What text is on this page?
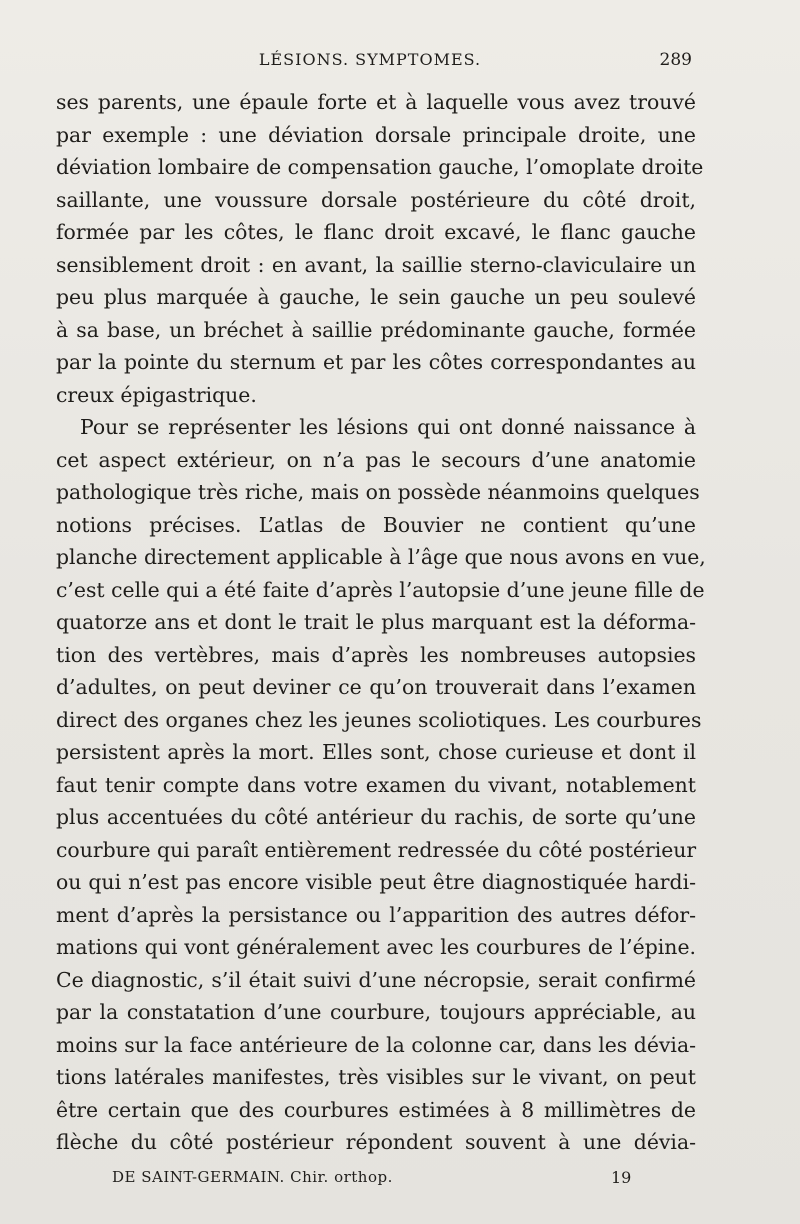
LÉSIONS. SYMPTOMES.	289
ses parents, une épaule forte et à laquelle vous avez trouvé
par exemple : une déviation dorsale principale droite, une
déviation lombaire de compensation gauche, l’omoplate droite
saillante, une voussure dorsale postérieure du côté droit,
formée par les côtes, le flanc droit excavé, le flanc gauche
sensiblement droit : en avant, la saillie sterno-claviculaire un
peu plus marquée à gauche, le sein gauche un peu soulevé
à sa base, un bréchet à saillie prédominante gauche, formée
par la pointe du sternum et par les côtes correspondantes au
creux épigastrique.
Pour se représenter les lésions qui ont donné naissance à
cet aspect extérieur, on n’a pas le secours d’une anatomie
pathologique très riche, mais on possède néanmoins quelques
notions précises. L’atlas de Bouvier ne contient qu’une
planche directement applicable à l’âge que nous avons en vue,
c’est celle qui a été faite d’après l’autopsie d’une jeune fille de
quatorze ans et dont le trait le plus marquant est la déforma-
tion des vertèbres, mais d’après les nombreuses autopsies
d’adultes, on peut deviner ce qu’on trouverait dans l’examen
direct des organes chez les jeunes scoliotiques. Les courbures
persistent après la mort. Elles sont, chose curieuse et dont il
faut tenir compte dans votre examen du vivant, notablement
plus accentuées du côté antérieur du rachis, de sorte qu’une
courbure qui paraît entièrement redressée du côté postérieur
ou qui n’est pas encore visible peut être diagnostiquée hardi-
ment d’après la persistance ou l’apparition des autres défor-
mations qui vont généralement avec les courbures de l’épine.
Ce diagnostic, s’il était suivi d’une nécropsie, serait confirmé
par la constatation d’une courbure, toujours appréciable, au
moins sur la face antérieure de la colonne car, dans les dévia-
tions latérales manifestes, très visibles sur le vivant, on peut
être certain que des courbures estimées à 8 millimètres de
flèche du côté postérieur répondent souvent à une dévia-
DE SAINT-GERMAIN. Chir. orthop.	19
